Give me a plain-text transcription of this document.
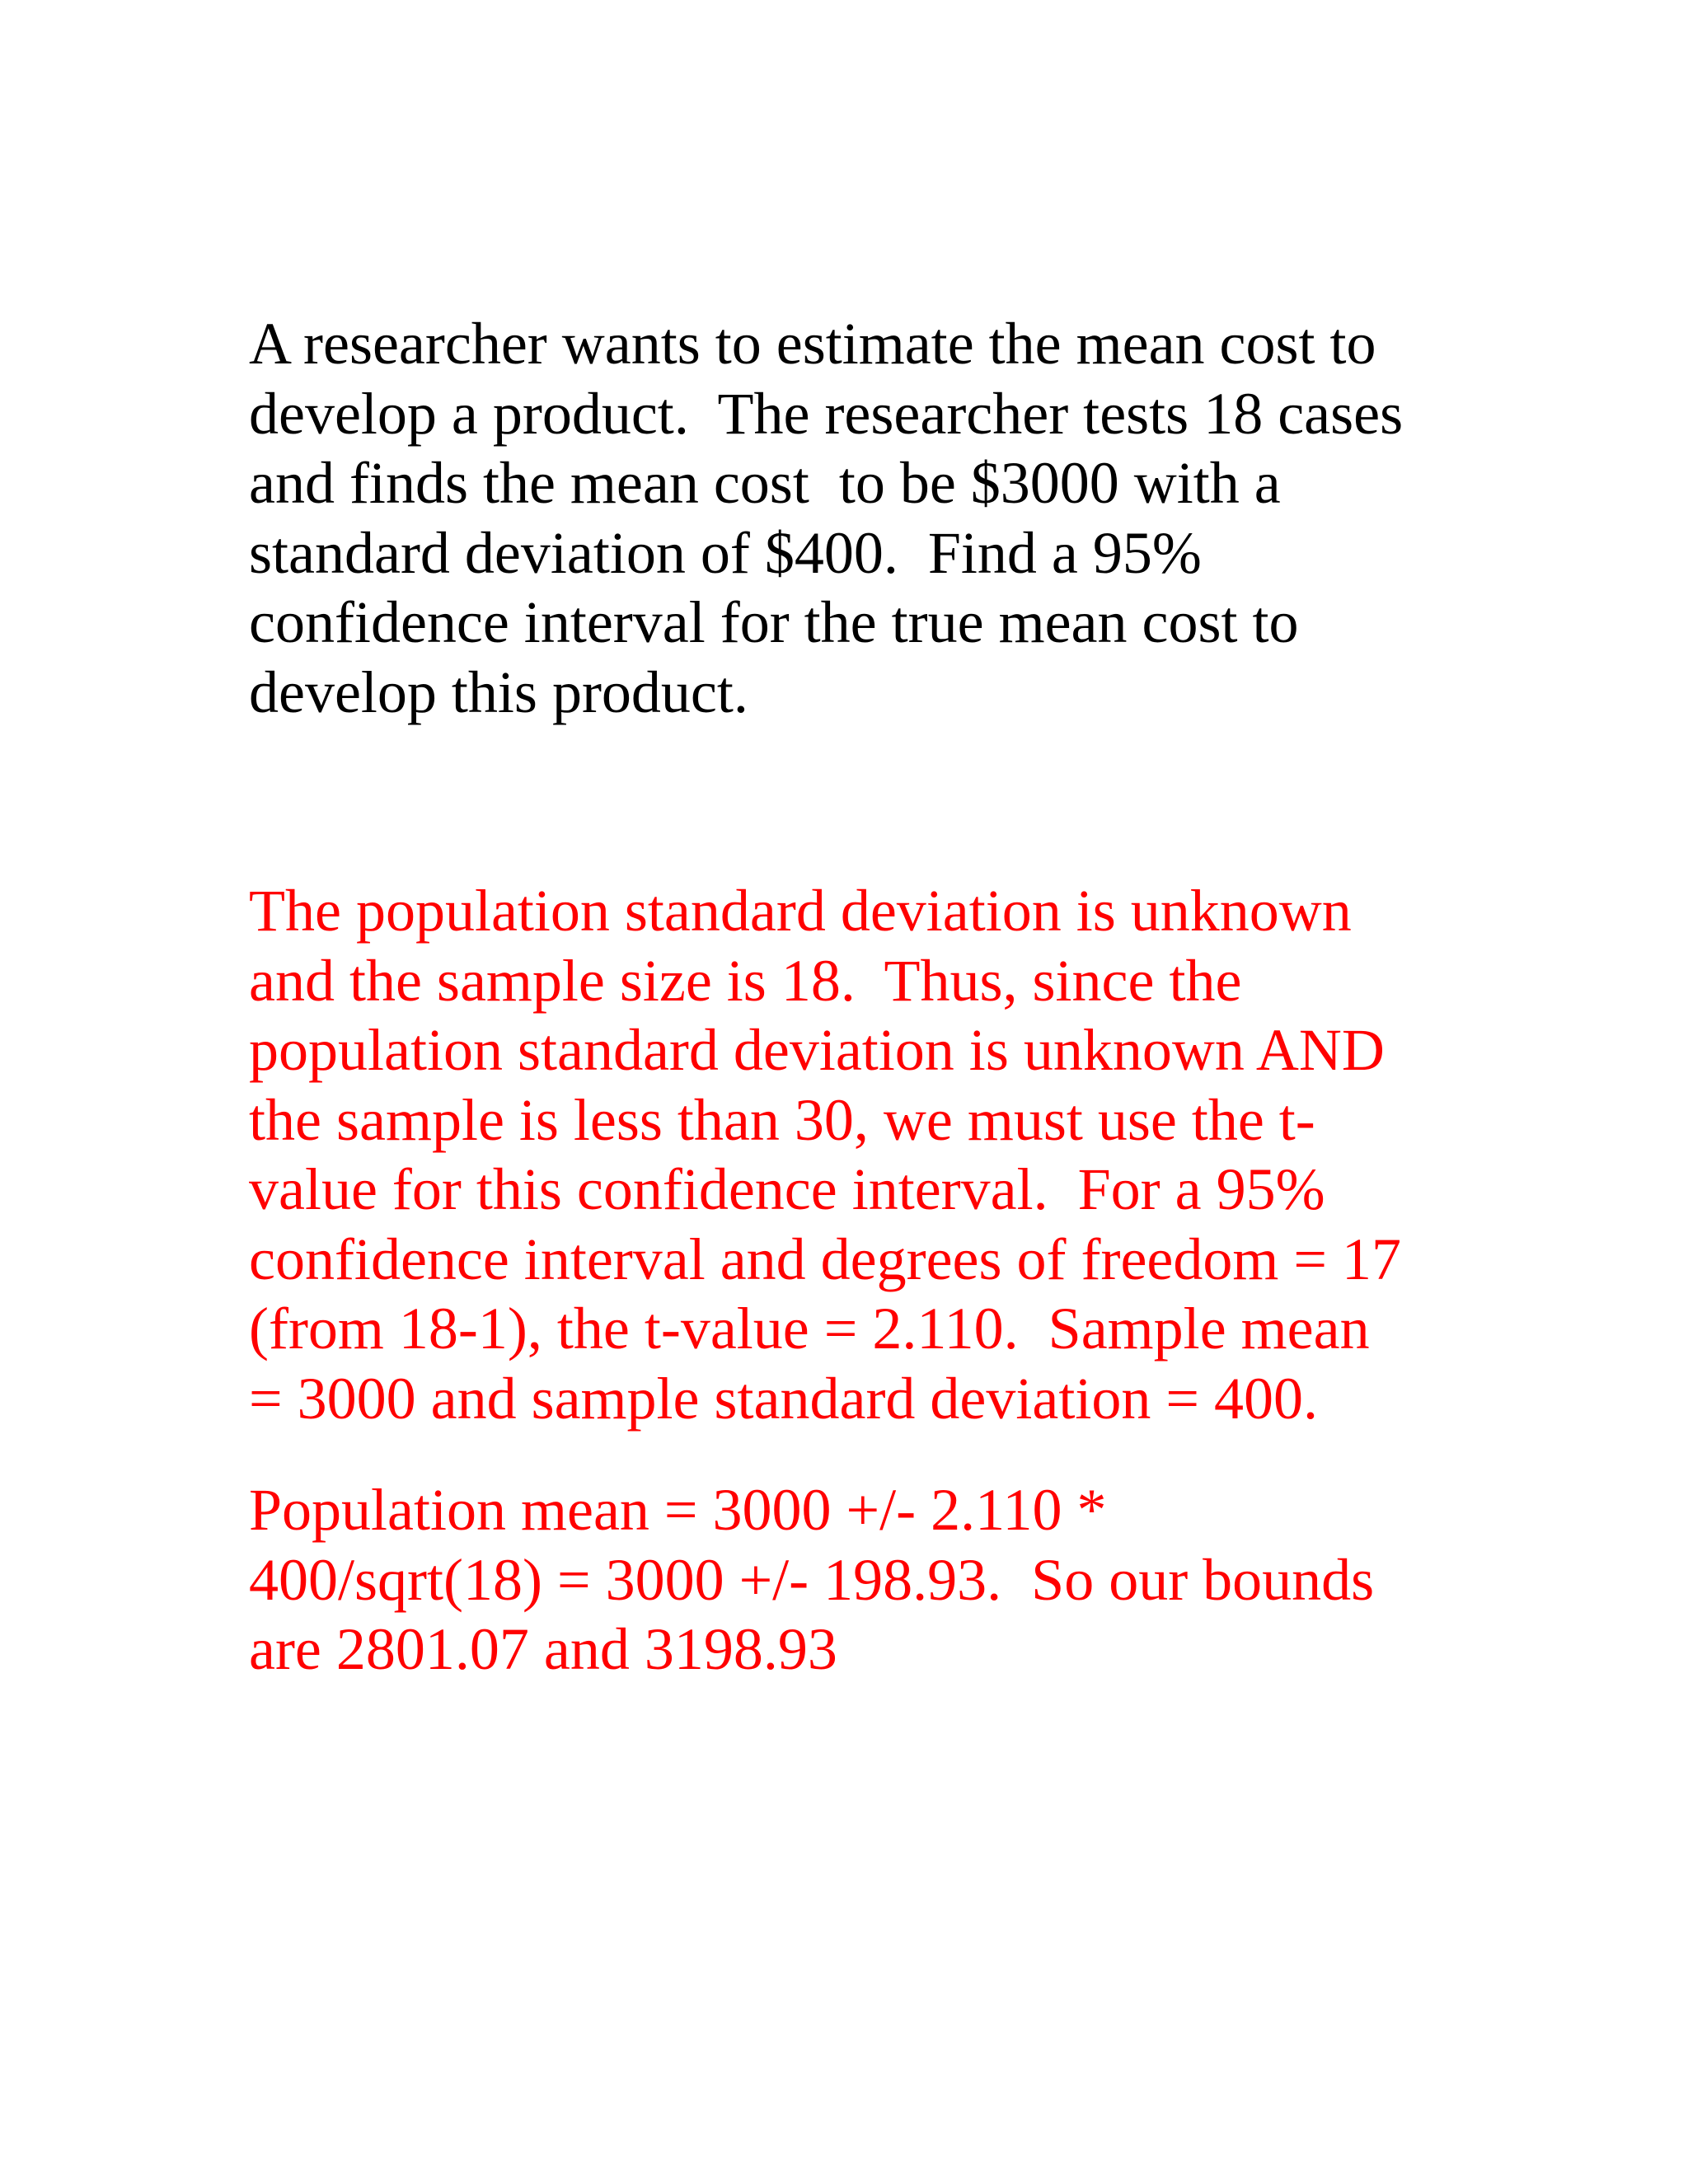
A researcher wants to estimate the mean cost to
develop a product.  The researcher tests 18 cases
and finds the mean cost  to be $3000 with a
standard deviation of $400.  Find a 95%
confidence interval for the true mean cost to
develop this product.
The population standard deviation is unknown
and the sample size is 18.  Thus, since the
population standard deviation is unknown AND
the sample is less than 30, we must use the t-
value for this confidence interval.  For a 95%
confidence interval and degrees of freedom = 17
(from 18-1), the t-value = 2.110.  Sample mean
= 3000 and sample standard deviation = 400.
Population mean = 3000 +/- 2.110 *
400/sqrt(18) = 3000 +/- 198.93.  So our bounds
are 2801.07 and 3198.93
